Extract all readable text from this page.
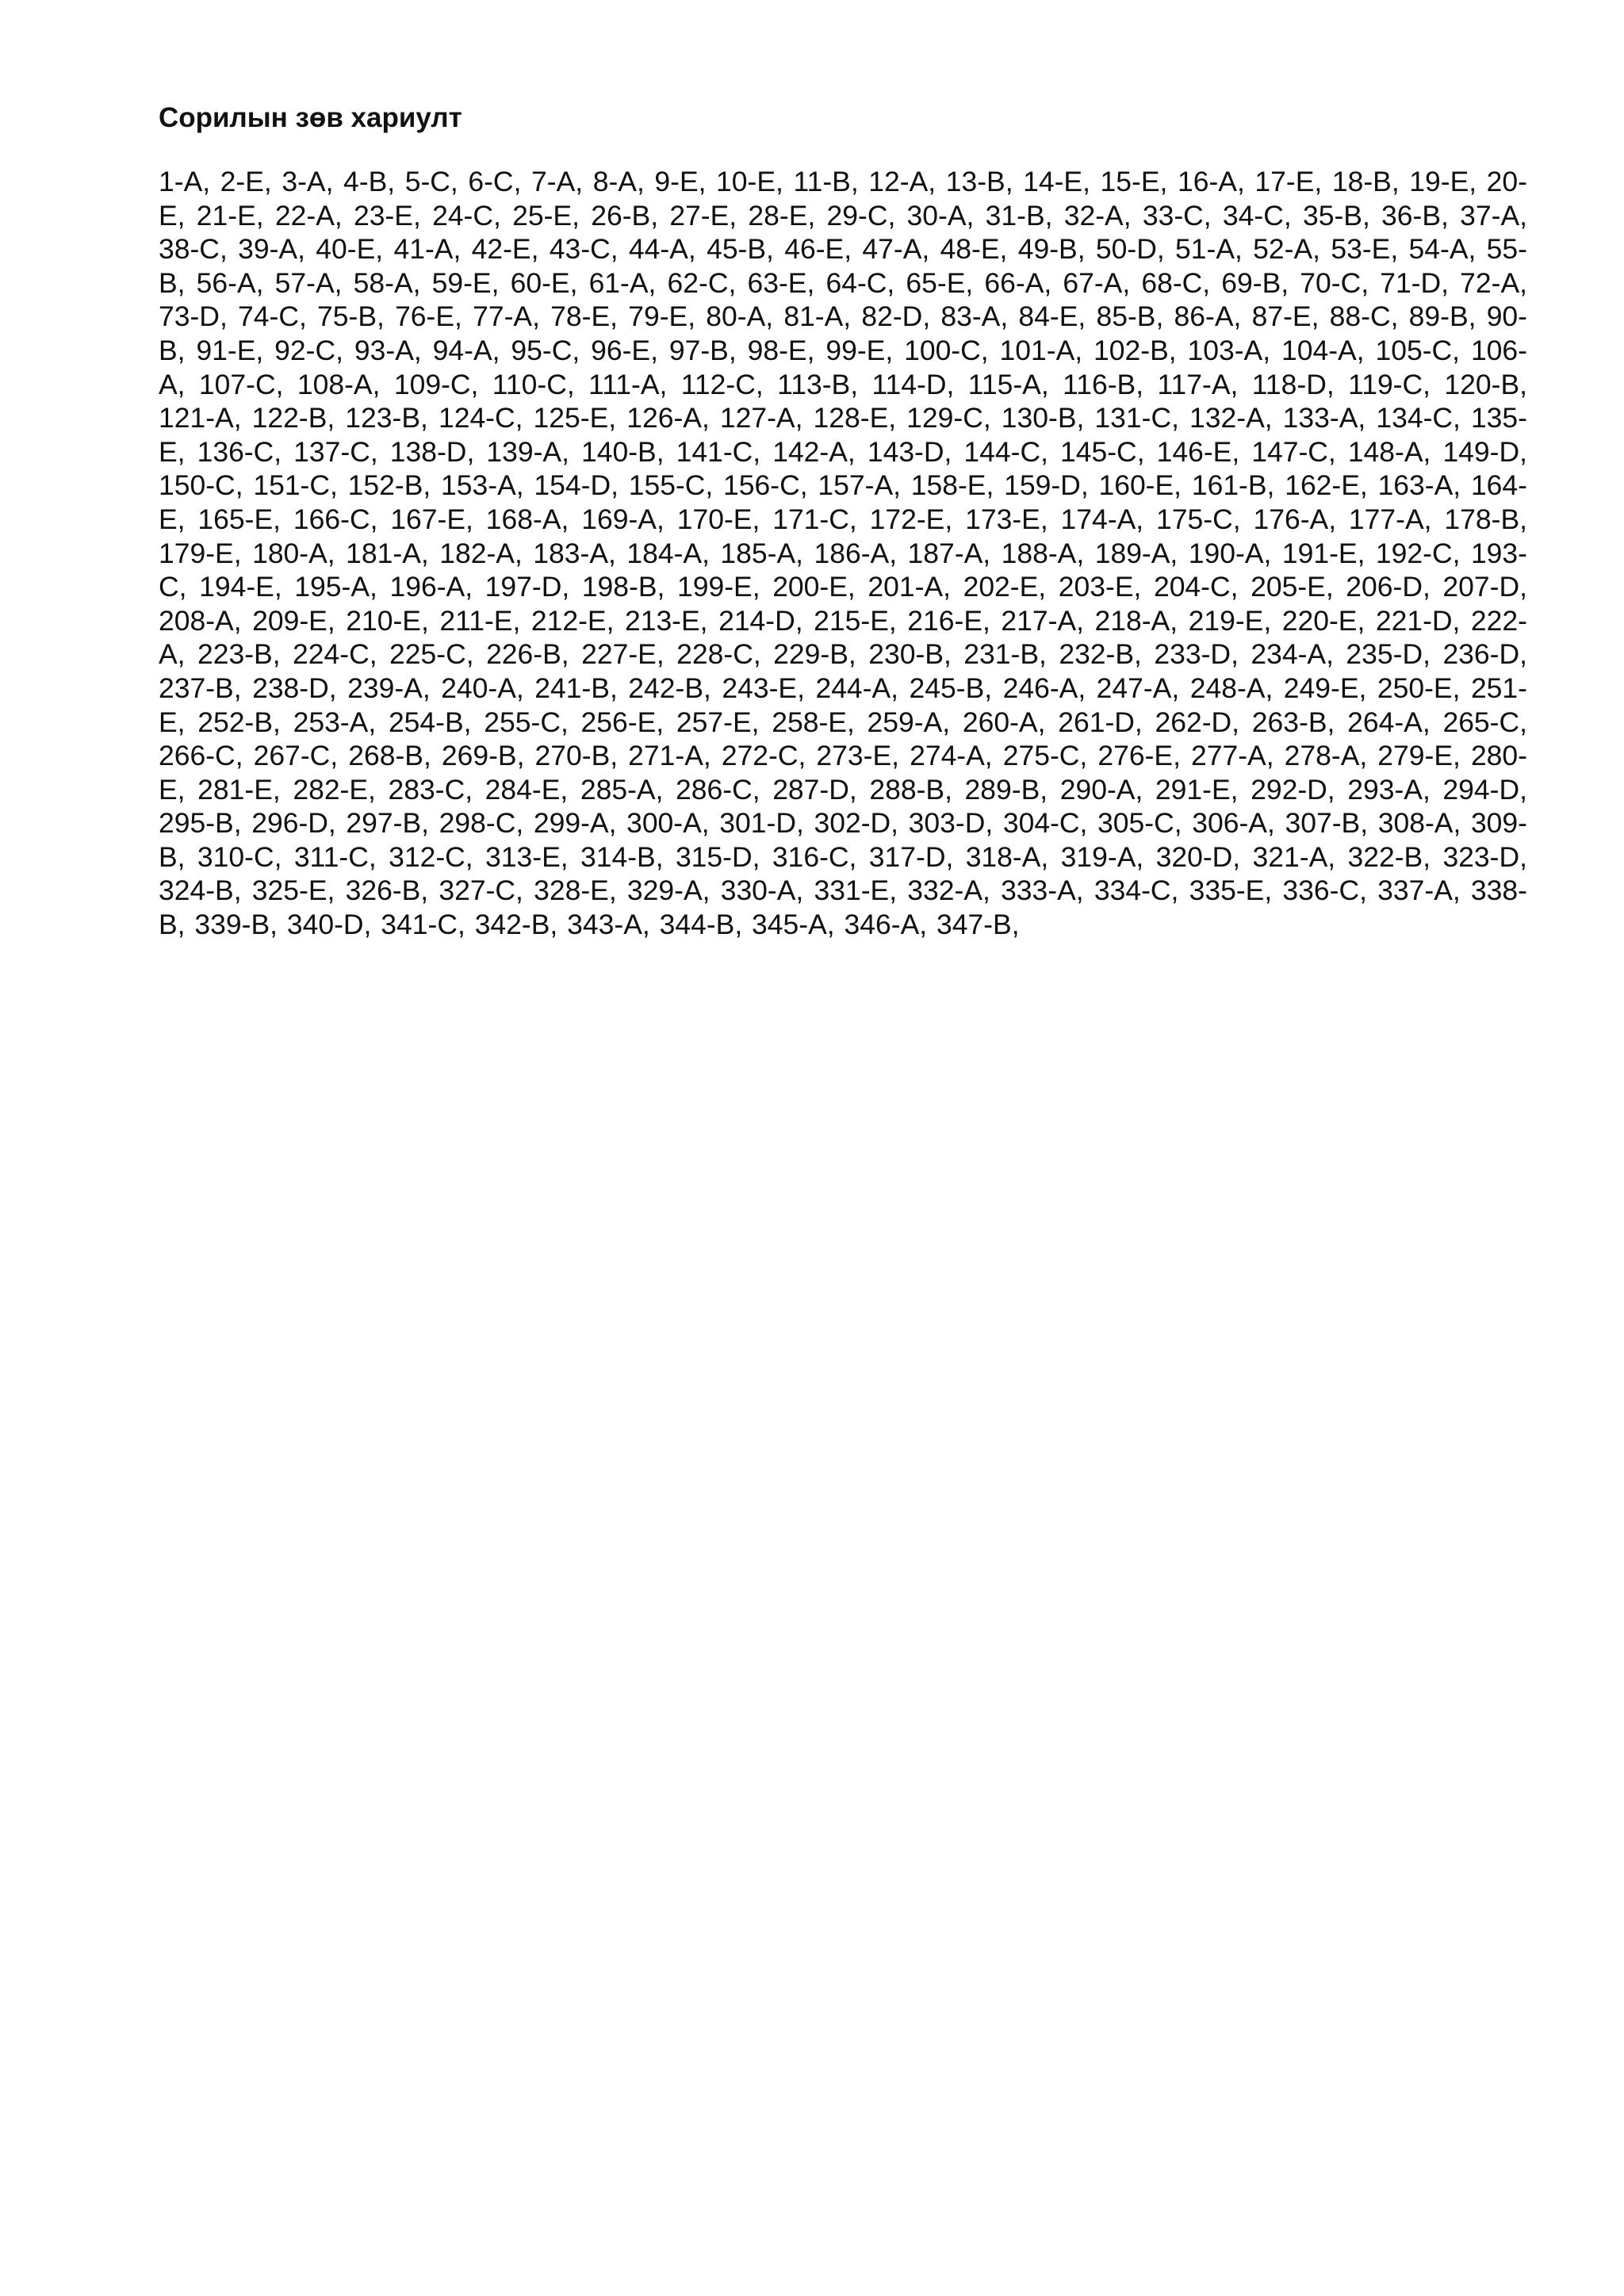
Сорилын зөв хариулт

1-A, 2-E, 3-A, 4-B, 5-C, 6-C, 7-A, 8-A, 9-E, 10-E, 11-B, 12-A, 13-B, 14-E, 15-E, 16-A, 17-E, 18-B, 19-E, 20-E, 21-E, 22-A, 23-E, 24-C, 25-E, 26-B, 27-E, 28-E, 29-C, 30-A, 31-B, 32-A, 33-C, 34-C, 35-B, 36-B, 37-A, 38-C, 39-A, 40-E, 41-A, 42-E, 43-C, 44-A, 45-B, 46-E, 47-A, 48-E, 49-B, 50-D, 51-A, 52-A, 53-E, 54-A, 55-B, 56-A, 57-A, 58-A, 59-E, 60-E, 61-A, 62-C, 63-E, 64-C, 65-E, 66-A, 67-A, 68-C, 69-B, 70-C, 71-D, 72-A, 73-D, 74-C, 75-B, 76-E, 77-A, 78-E, 79-E, 80-A, 81-A, 82-D, 83-A, 84-E, 85-B, 86-A, 87-E, 88-C, 89-B, 90-B, 91-E, 92-C, 93-A, 94-A, 95-C, 96-E, 97-B, 98-E, 99-E, 100-C, 101-A, 102-B, 103-A, 104-A, 105-C, 106-A, 107-C, 108-A, 109-C, 110-C, 111-A, 112-C, 113-B, 114-D, 115-A, 116-B, 117-A, 118-D, 119-C, 120-B, 121-A, 122-B, 123-B, 124-C, 125-E, 126-A, 127-A, 128-E, 129-C, 130-B, 131-C, 132-A, 133-A, 134-C, 135-E, 136-C, 137-C, 138-D, 139-A, 140-B, 141-C, 142-A, 143-D, 144-C, 145-C, 146-E, 147-C, 148-A, 149-D, 150-C, 151-C, 152-B, 153-A, 154-D, 155-C, 156-C, 157-A, 158-E, 159-D, 160-E, 161-B, 162-E, 163-A, 164-E, 165-E, 166-C, 167-E, 168-A, 169-A, 170-E, 171-C, 172-E, 173-E, 174-A, 175-C, 176-A, 177-A, 178-B, 179-E, 180-A, 181-A, 182-A, 183-A, 184-A, 185-A, 186-A, 187-A, 188-A, 189-A, 190-A, 191-E, 192-C, 193-C, 194-E, 195-A, 196-A, 197-D, 198-B, 199-E, 200-E, 201-A, 202-E, 203-E, 204-C, 205-E, 206-D, 207-D, 208-A, 209-E, 210-E, 211-E, 212-E, 213-E, 214-D, 215-E, 216-E, 217-A, 218-A, 219-E, 220-E, 221-D, 222-A, 223-B, 224-C, 225-C, 226-B, 227-E, 228-C, 229-B, 230-B, 231-B, 232-B, 233-D, 234-A, 235-D, 236-D, 237-B, 238-D, 239-A, 240-A, 241-B, 242-B, 243-E, 244-A, 245-B, 246-A, 247-A, 248-A, 249-E, 250-E, 251-E, 252-B, 253-A, 254-B, 255-C, 256-E, 257-E, 258-E, 259-A, 260-A, 261-D, 262-D, 263-B, 264-A, 265-C, 266-C, 267-C, 268-B, 269-B, 270-B, 271-A, 272-C, 273-E, 274-A, 275-C, 276-E, 277-A, 278-A, 279-E, 280-E, 281-E, 282-E, 283-C, 284-E, 285-A, 286-C, 287-D, 288-B, 289-B, 290-A, 291-E, 292-D, 293-A, 294-D, 295-B, 296-D, 297-B, 298-C, 299-A, 300-A, 301-D, 302-D, 303-D, 304-C, 305-C, 306-A, 307-B, 308-A, 309-B, 310-C, 311-C, 312-C, 313-E, 314-B, 315-D, 316-C, 317-D, 318-A, 319-A, 320-D, 321-A, 322-B, 323-D, 324-B, 325-E, 326-B, 327-C, 328-E, 329-A, 330-A, 331-E, 332-A, 333-A, 334-C, 335-E, 336-C, 337-A, 338-B, 339-B, 340-D, 341-C, 342-B, 343-A, 344-B, 345-A, 346-A, 347-B,
